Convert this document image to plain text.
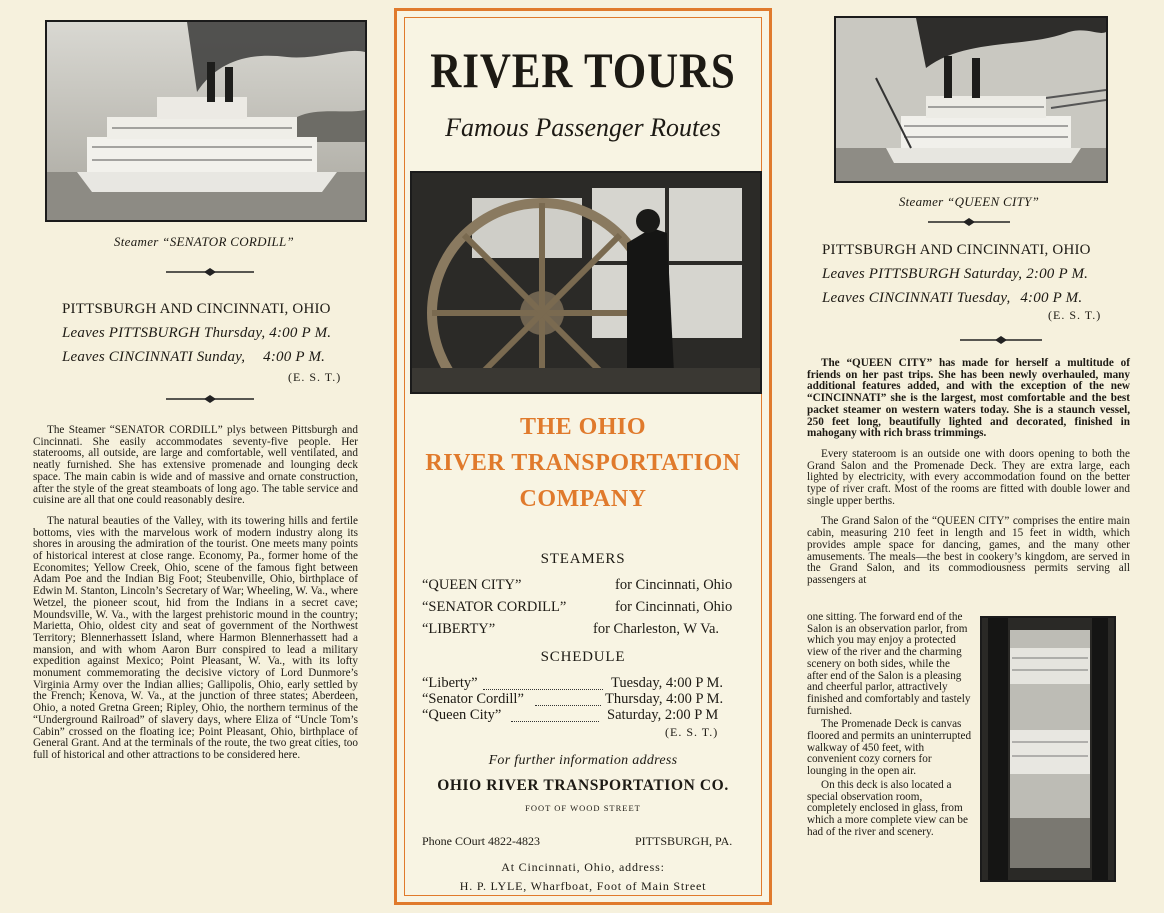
Steamer “SENATOR CORDILL”
PITTSBURGH AND CINCINNATI, OHIO
Leaves PITTSBURGH Thursday, 4:00 P M.
Leaves CINCINNATI Sunday, 4:00 P M.
(E. S. T.)

The Steamer “SENATOR CORDILL” plys between Pittsburgh and Cincinnati. She easily accommodates seventy-five people. Her staterooms, all outside, are large and comfortable, well ventilated, and neatly furnished. She has extensive promenade and lounging deck space. The main cabin is wide and of massive and ornate construction, after the style of the great steamboats of long ago. The table service and cuisine are all that one could reasonably desire.

The natural beauties of the Valley, with its towering hills and fertile bottoms, vies with the marvelous work of modern industry along its shores in arousing the admiration of the tourist. One meets many points of historical interest at close range. Economy, Pa., former home of the Economites; Yellow Creek, Ohio, scene of the famous fight between Adam Poe and the Indian Big Foot; Steubenville, Ohio, birthplace of Edwin M. Stanton, Lincoln’s Secretary of War; Wheeling, W. Va., where Wetzel, the pioneer scout, hid from the Indians in a secret cave; Moundsville, W. Va., with the largest prehistoric mound in the country; Marietta, Ohio, oldest city and seat of government of the Northwest Territory; Blennerhassett Island, where Harmon Blennerhassett had a mansion, and with whom Aaron Burr conspired to lead a military expedition against Mexico; Point Pleasant, W. Va., with its lofty monument commemorating the decisive victory of Lord Dunmore’s Virginia Army over the Indian allies; Gallipolis, Ohio, early settled by the French; Kenova, W. Va., at the junction of three states; Aberdeen, Ohio, a noted Gretna Green; Ripley, Ohio, the northern terminus of the “Underground Railroad” of slavery days, where Eliza of “Uncle Tom’s Cabin” crossed on the floating ice; Point Pleasant, Ohio, birthplace of General Grant. And at the terminals of the route, the two great cities, too full of historical and other attractions to be considered here.

RIVER TOURS
Famous Passenger Routes
THE OHIO
RIVER TRANSPORTATION
COMPANY
STEAMERS
“QUEEN CITY”	for Cincinnati, Ohio
“SENATOR CORDILL”	for Cincinnati, Ohio
“LIBERTY”	for Charleston, W Va.
SCHEDULE
“Liberty”	Tuesday, 4:00 P M.
“Senator Cordill”	Thursday, 4:00 P M.
“Queen City”	Saturday, 2:00 P M
(E. S. T.)
For further information address
OHIO RIVER TRANSPORTATION CO.
FOOT OF WOOD STREET
Phone COurt 4822-4823	PITTSBURGH, PA.
At Cincinnati, Ohio, address:
H. P. LYLE, Wharfboat, Foot of Main Street
Steamer “QUEEN CITY”
PITTSBURGH AND CINCINNATI, OHIO
Leaves PITTSBURGH Saturday, 2:00 P M.
Leaves CINCINNATI Tuesday, 4:00 P M.
(E. S. T.)

The “QUEEN CITY” has made for herself a multitude of friends on her past trips. She has been newly overhauled, many additional features added, and with the exception of the new “CINCINNATI” she is the largest, most comfortable and the best packet steamer on western waters today. She is a staunch vessel, 250 feet long, beautifully lighted and decorated, finished in mahogany with rich brass trimmings.

Every stateroom is an outside one with doors opening to both the Grand Salon and the Promenade Deck. They are extra large, each lighted by electricity, with every accommodation found on the better type of river craft. Most of the rooms are fitted with double lower and single upper berths.

The Grand Salon of the “QUEEN CITY” comprises the entire main cabin, measuring 210 feet in length and 15 feet in width, which provides ample space for dancing, games, and the many other amusements. The meals—the best in cookery’s kingdom, are served in the Grand Salon, and its commodiousness permits serving all passengers at

one sitting. The forward end of the Salon is an observation parlor, from which you may enjoy a protected view of the river and the charming scenery on both sides, while the after end of the Salon is a pleasing and cheerful parlor, attractively finished and comfortably and tastely furnished.

The Promenade Deck is canvas floored and permits an uninterrupted walkway of 450 feet, with convenient cozy corners for lounging in the open air.

On this deck is also located a special observation room, completely enclosed in glass, from which a more complete view can be had of the river and scenery.
